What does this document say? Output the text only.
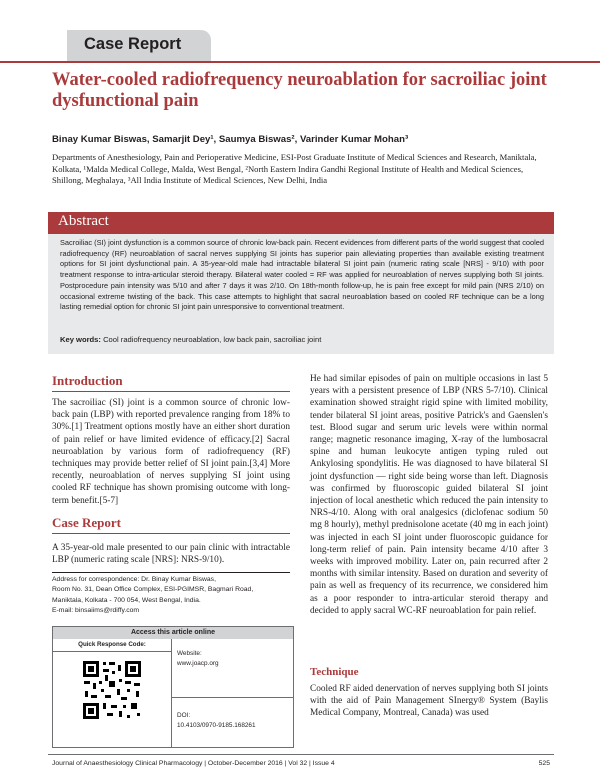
Case Report
Water-cooled radiofrequency neuroablation for sacroiliac joint dysfunctional pain
Binay Kumar Biswas, Samarjit Dey¹, Saumya Biswas², Varinder Kumar Mohan³
Departments of Anesthesiology, Pain and Perioperative Medicine, ESI-Post Graduate Institute of Medical Sciences and Research, Maniktala, Kolkata, ¹Malda Medical College, Malda, West Bengal, ²North Eastern Indira Gandhi Regional Institute of Health and Medical Sciences, Shillong, Meghalaya, ³All India Institute of Medical Sciences, New Delhi, India
Abstract
Sacroiliac (SI) joint dysfunction is a common source of chronic low-back pain. Recent evidences from different parts of the world suggest that cooled radiofrequency (RF) neuroablation of sacral nerves supplying SI joints has superior pain alleviating properties than available existing treatment options for SI joint dysfunctional pain. A 35-year-old male had intractable bilateral SI joint pain (numeric rating scale [NRS] - 9/10) with poor treatment response to intra-articular steroid therapy. Bilateral water cooled = RF was applied for neuroablation of nerves supplying both SI joints. Postprocedure pain intensity was 5/10 and after 7 days it was 2/10. On 18th-month follow-up, he is pain free except for mild pain (NRS 2/10) on occasional extreme twisting of the back. This case attempts to highlight that sacral neuroablation based on cooled RF technique can be a long lasting remedial option for chronic SI joint pain unresponsive to conventional treatment.
Key words: Cool radiofrequency neuroablation, low back pain, sacroiliac joint
Introduction
The sacroiliac (SI) joint is a common source of chronic low-back pain (LBP) with reported prevalence ranging from 18% to 30%.[1] Treatment options mostly have an either short duration of pain relief or have limited evidence of efficacy.[2] Sacral neuroablation by various form of radiofrequency (RF) techniques may provide better relief of SI joint pain.[3,4] More recently, neuroablation of nerves supplying SI joint using cooled RF technique has shown promising outcome with long-term benefit.[5-7]
Case Report
A 35-year-old male presented to our pain clinic with intractable LBP (numeric rating scale [NRS]: NRS-9/10).
Address for correspondence: Dr. Binay Kumar Biswas,
Room No. 31, Dean Office Complex, ESI-PGIMSR, Bagmari Road,
Maniktala, Kolkata - 700 054, West Bengal, India.
E-mail: binsaiims@rdiffy.com
Access this article online
Quick Response Code:
Website:
www.joacp.org
DOI:
10.4103/0970-9185.168261
He had similar episodes of pain on multiple occasions in last 5 years with a persistent presence of LBP (NRS 5-7/10). Clinical examination showed straight rigid spine with limited mobility, tender bilateral SI joint areas, positive Patrick's and Gaenslen's test. Blood sugar and serum uric levels were within normal range; magnetic resonance imaging, X-ray of the lumbosacral spine and human leukocyte antigen typing ruled out Ankylosing spondylitis. He was diagnosed to have bilateral SI joint dysfunction — right side being worse than left. Diagnosis was confirmed by fluoroscopic guided bilateral SI joint injection of local anesthetic which reduced the pain intensity to NRS-4/10. Along with oral analgesics (diclofenac sodium 50 mg 8 hourly), methyl prednisolone acetate (40 mg in each joint) was injected in each SI joint under fluoroscopic guidance for long-term relief of pain. Pain intensity became 4/10 after 3 weeks with improved mobility. Later on, pain recurred after 2 months with similar intensity. Based on duration and severity of pain as well as frequency of its recurrence, we considered him as a poor responder to intra-articular steroid therapy and decided to apply sacral WC-RF neuroablation for pain relief.
Technique
Cooled RF aided denervation of nerves supplying both SI joints with the aid of Pain Management SInergy® System (Baylis Medical Company, Montreal, Canada) was used
Journal of Anaesthesiology Clinical Pharmacology | October-December 2016 | Vol 32 | Issue 4	525
